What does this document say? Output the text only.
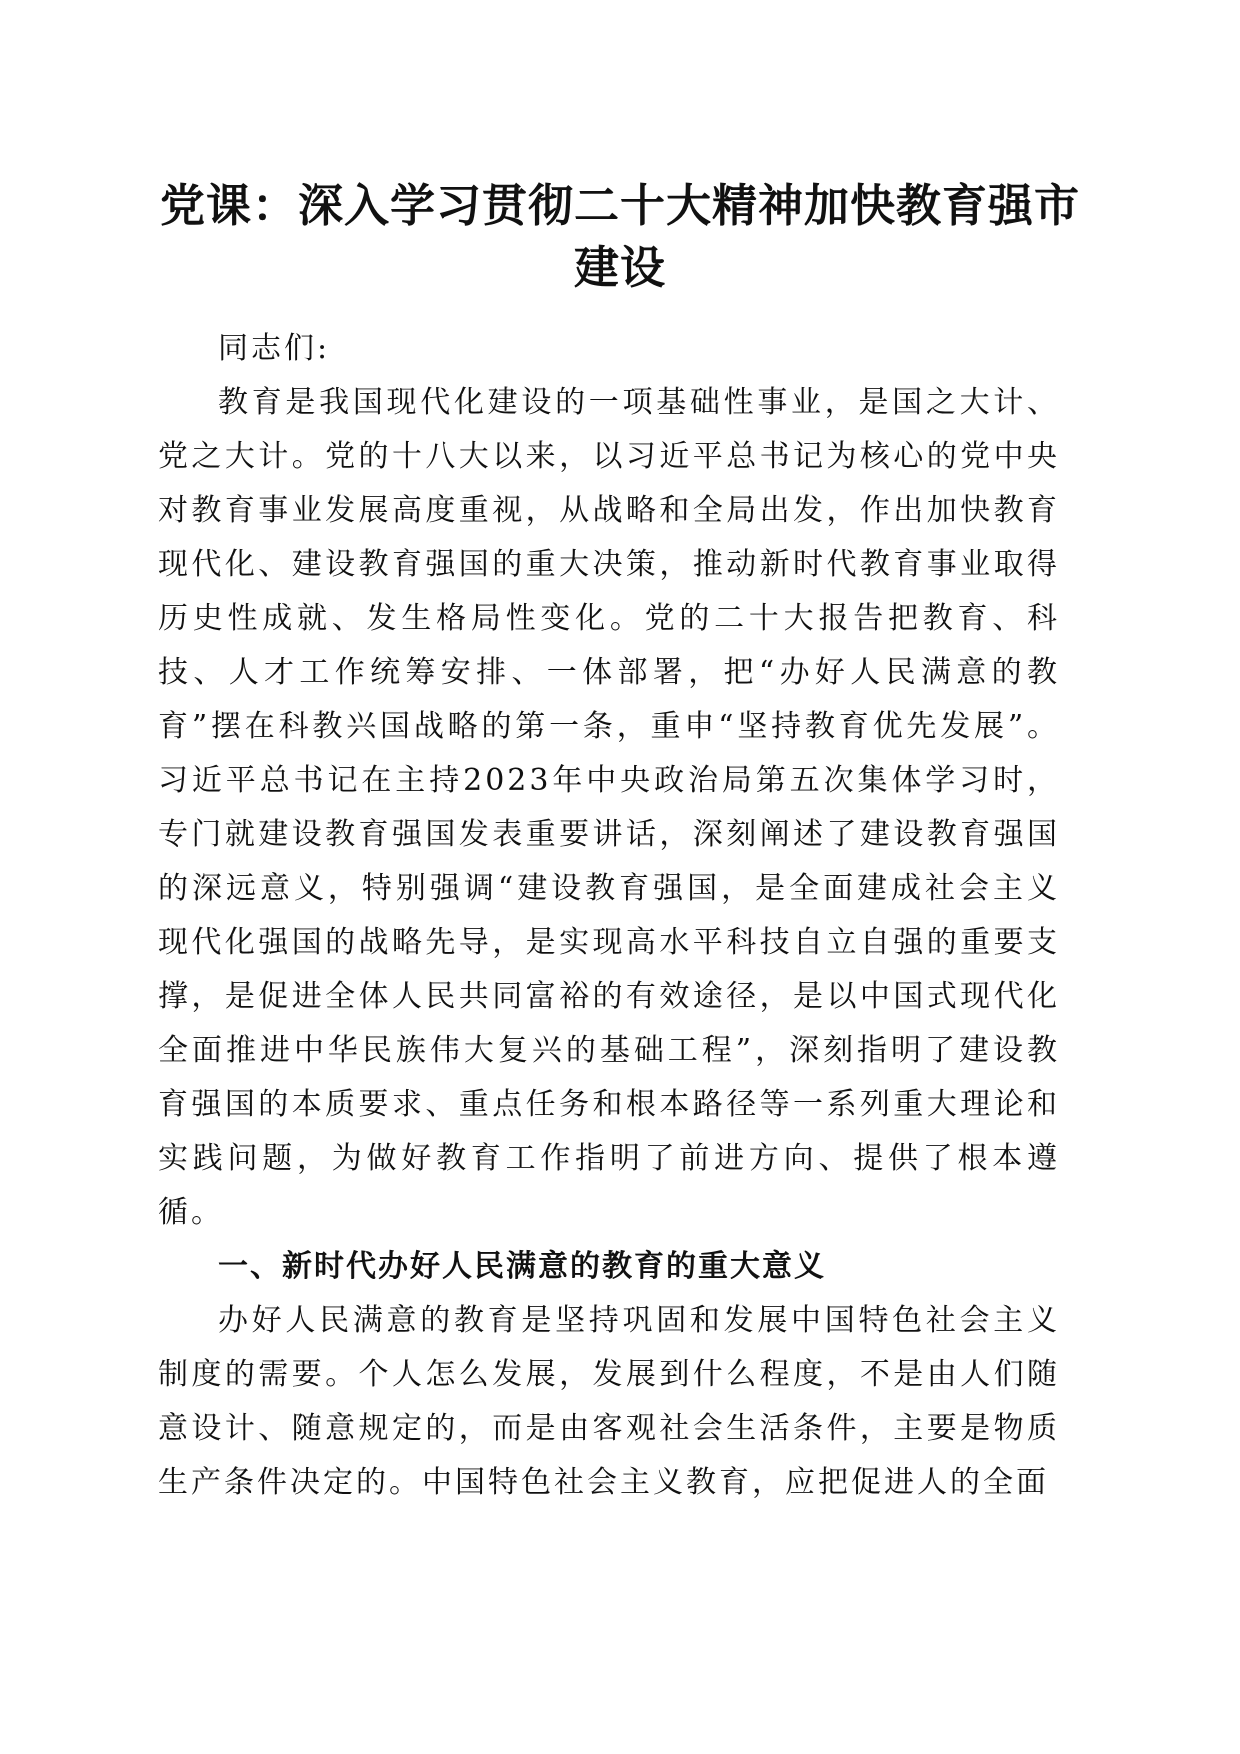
党课：深入学习贯彻二十大精神加快教育强市建设

同志们:

教育是我国现代化建设的一项基础性事业，是国之大计、党之大计。党的十八大以来，以习近平总书记为核心的党中央对教育事业发展高度重视，从战略和全局出发，作出加快教育现代化、建设教育强国的重大决策，推动新时代教育事业取得历史性成就、发生格局性变化。党的二十大报告把教育、科技、人才工作统筹安排、一体部署，把“办好人民满意的教育”摆在科教兴国战略的第一条，重申“坚持教育优先发展”。习近平总书记在主持2023年中央政治局第五次集体学习时，专门就建设教育强国发表重要讲话，深刻阐述了建设教育强国的深远意义，特别强调“建设教育强国，是全面建成社会主义现代化强国的战略先导，是实现高水平科技自立自强的重要支撑，是促进全体人民共同富裕的有效途径，是以中国式现代化全面推进中华民族伟大复兴的基础工程”，深刻指明了建设教育强国的本质要求、重点任务和根本路径等一系列重大理论和实践问题，为做好教育工作指明了前进方向、提供了根本遵循。

一、新时代办好人民满意的教育的重大意义

办好人民满意的教育是坚持巩固和发展中国特色社会主义制度的需要。个人怎么发展，发展到什么程度，不是由人们随意设计、随意规定的，而是由客观社会生活条件，主要是物质生产条件决定的。中国特色社会主义教育，应把促进人的全面
